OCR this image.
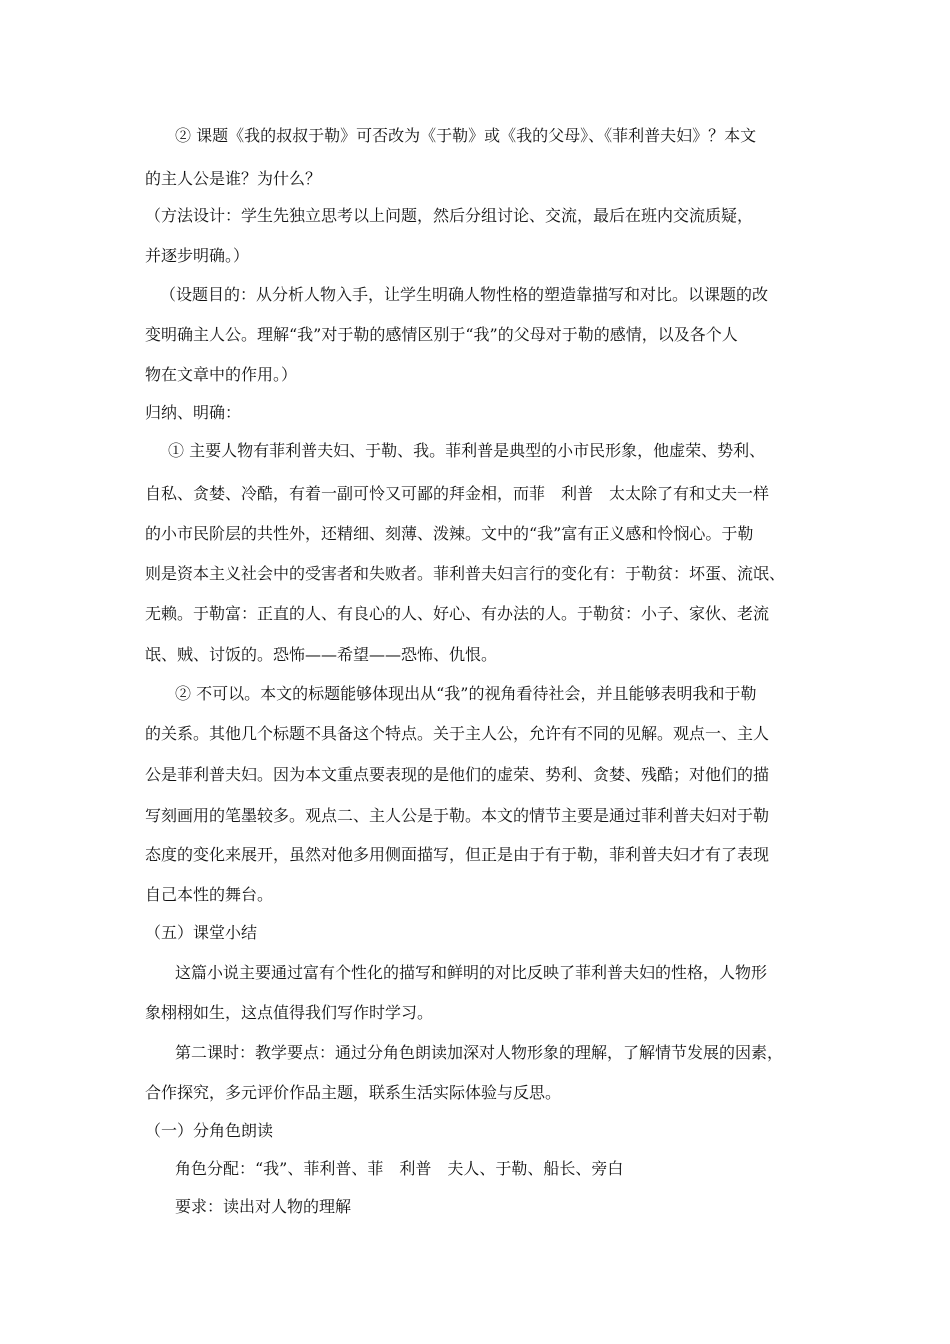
② 课题《我的叔叔于勒》可否改为《于勒》或《我的父母》、《菲利普夫妇》？本文
的主人公是谁？为什么？
（方法设计：学生先独立思考以上问题，然后分组讨论、交流，最后在班内交流质疑，
并逐步明确。）
（设题目的：从分析人物入手，让学生明确人物性格的塑造靠描写和对比。以课题的改
变明确主人公。理解“我”对于勒的感情区别于“我”的父母对于勒的感情，以及各个人
物在文章中的作用。）
归纳、明确：
① 主要人物有菲利普夫妇、于勒、我。菲利普是典型的小市民形象，他虚荣、势利、
自私、贪婪、冷酷，有着一副可怜又可鄙的拜金相，而菲　利普　太太除了有和丈夫一样
的小市民阶层的共性外，还精细、刻薄、泼辣。文中的“我”富有正义感和怜悯心。于勒
则是资本主义社会中的受害者和失败者。菲利普夫妇言行的变化有：于勒贫：坏蛋、流氓、
无赖。于勒富：正直的人、有良心的人、好心、有办法的人。于勒贫：小子、家伙、老流
氓、贼、讨饭的。恐怖——希望——恐怖、仇恨。
② 不可以。本文的标题能够体现出从“我”的视角看待社会，并且能够表明我和于勒
的关系。其他几个标题不具备这个特点。关于主人公，允许有不同的见解。观点一、主人
公是菲利普夫妇。因为本文重点要表现的是他们的虚荣、势利、贪婪、残酷；对他们的描
写刻画用的笔墨较多。观点二、主人公是于勒。本文的情节主要是通过菲利普夫妇对于勒
态度的变化来展开，虽然对他多用侧面描写，但正是由于有于勒，菲利普夫妇才有了表现
自己本性的舞台。
（五）课堂小结
这篇小说主要通过富有个性化的描写和鲜明的对比反映了菲利普夫妇的性格，人物形
象栩栩如生，这点值得我们写作时学习。
第二课时：教学要点：通过分角色朗读加深对人物形象的理解，了解情节发展的因素，
合作探究，多元评价作品主题，联系生活实际体验与反思。
（一）分角色朗读
角色分配：“我”、菲利普、菲　利普　夫人、于勒、船长、旁白
要求：读出对人物的理解
